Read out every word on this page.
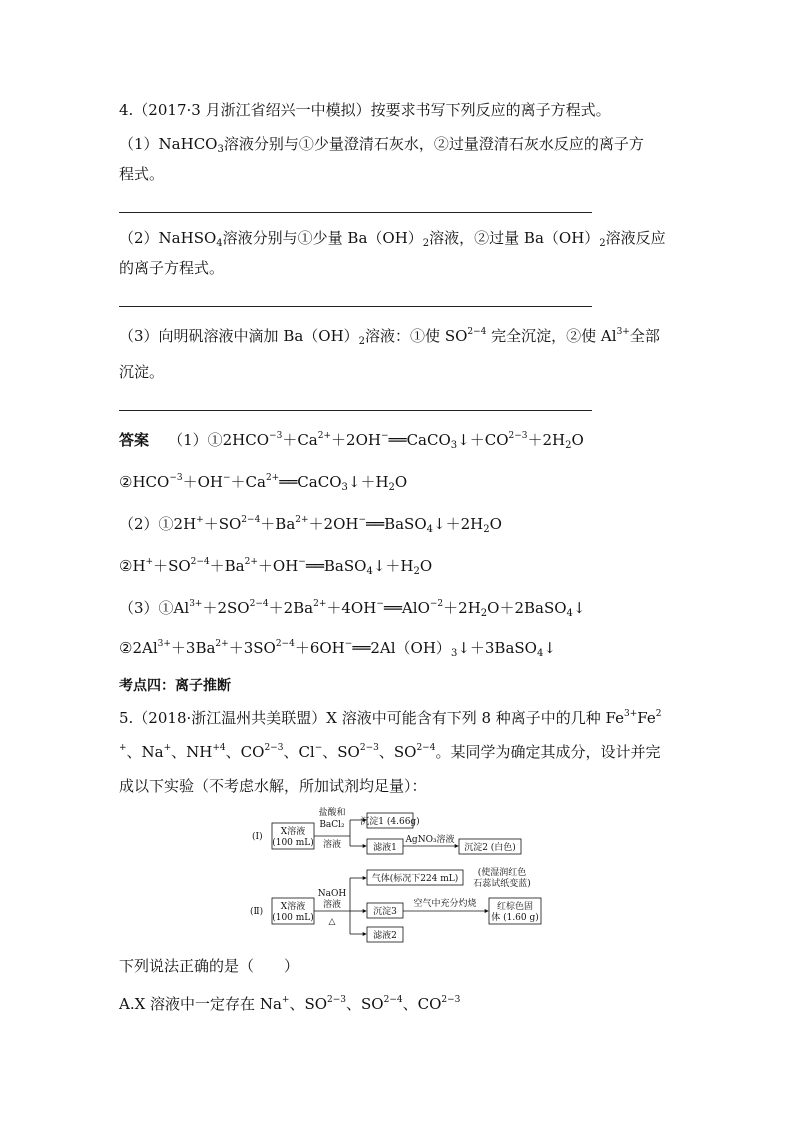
4.（2017·3 月浙江省绍兴一中模拟）按要求书写下列反应的离子方程式。
（1）NaHCO$_3$溶液分别与①少量澄清石灰水，②过量澄清石灰水反应的离子方
程式。
（2）NaHSO$_4$溶液分别与①少量 $Ba(OH)_2$溶液，②过量 $Ba(OH)_2$溶液反应
的离子方程式。
（3）向明矾溶液中滴加 $Ba(OH)_2$溶液：①使 $SO^{2-4}$ 完全沉淀，②使 $Al^{3+}$全部
沉淀。
答案 $(1)①2HCO^{-3}+Ca^{2+}+2OH^-══CaCO_3↓+CO^{2-3}+2H_2O$
$②HCO^{-3}+OH^-+Ca^{2+}══CaCO_3↓+H_2O$
$(2)①2H^++SO^{2-4}+Ba^{2+}+2OH^-══BaSO_4↓+2H_2O$
$②H^++SO^{2-4}+Ba^{2+}+OH^-══BaSO_4↓+H_2O$
$(3)①Al^{3+}+2SO^{2-4}+2Ba^{2+}+4OH^-══AlO^{-2}+2H_2O+2BaSO_4↓$
$②2Al^{3+}+3Ba^{2+}+3SO^{2-4}+6OH^-══2Al(OH)_3↓+3BaSO_4↓$
考点四：离子推断
5.（2018·浙江温州共美联盟）X 溶液中可能含有下列 8 种离子中的几种 $Fe^{3+}Fe^2$
+、Na+、$NH^{+4}$、$CO^{2-3}$、Cl−、$SO^{2-3}$、$SO^{2-4}$。某同学为确定其成分，设计并完
成以下实验（不考虑水解，所加试剂均足量）：
(Ⅰ) X溶液
(100 mL)
盐酸和
BaCl₂
溶液
沉淀1 (4.66g)
滤液1
AgNO₃溶液
沉淀2 (白色)
(Ⅱ) X溶液
(100 mL)
NaOH
溶液
△
气体(标况下224 mL)
(使湿润红色
石蕊试纸变蓝)
沉淀3
空气中充分灼烧 红棕色固
体 (1.60 g)
滤液2
下列说法正确的是（　　）
A.X 溶液中一定存在 Na+、$SO^{2-3}$、$SO^{2-4}$、$CO^{2-3}$
